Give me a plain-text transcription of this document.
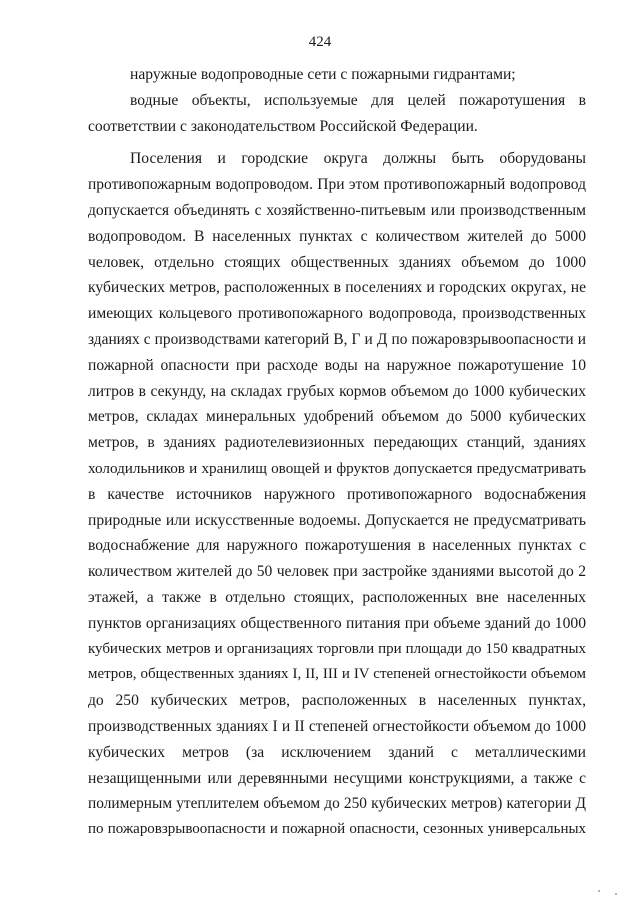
424
наружные водопроводные сети с пожарными гидрантами;
водные объекты, используемые для целей пожаротушения в
соответствии с законодательством Российской Федерации.
Поселения и городские округа должны быть оборудованы
противопожарным водопроводом. При этом противопожарный водопровод
допускается объединять с хозяйственно-питьевым или производственным
водопроводом. В населенных пунктах с количеством жителей до 5000
человек, отдельно стоящих общественных зданиях объемом до 1000
кубических метров, расположенных в поселениях и городских округах, не
имеющих кольцевого противопожарного водопровода, производственных
зданиях с производствами категорий В, Г и Д по пожаровзрывоопасности и
пожарной опасности при расходе воды на наружное пожаротушение 10
литров в секунду, на складах грубых кормов объемом до 1000 кубических
метров, складах минеральных удобрений объемом до 5000 кубических
метров, в зданиях радиотелевизионных передающих станций, зданиях
холодильников и хранилищ овощей и фруктов допускается предусматривать
в качестве источников наружного противопожарного водоснабжения
природные или искусственные водоемы. Допускается не предусматривать
водоснабжение для наружного пожаротушения в населенных пунктах с
количеством жителей до 50 человек при застройке зданиями высотой до 2
этажей, а также в отдельно стоящих, расположенных вне населенных
пунктов организациях общественного питания при объеме зданий до 1000
кубических метров и организациях торговли при площади до 150 квадратных
метров, общественных зданиях I, II, III и IV степеней огнестойкости объемом
до 250 кубических метров, расположенных в населенных пунктах,
производственных зданиях I и II степеней огнестойкости объемом до 1000
кубических метров (за исключением зданий с металлическими
незащищенными или деревянными несущими конструкциями, а также с
полимерным утеплителем объемом до 250 кубических метров) категории Д
по пожаровзрывоопасности и пожарной опасности, сезонных универсальных
